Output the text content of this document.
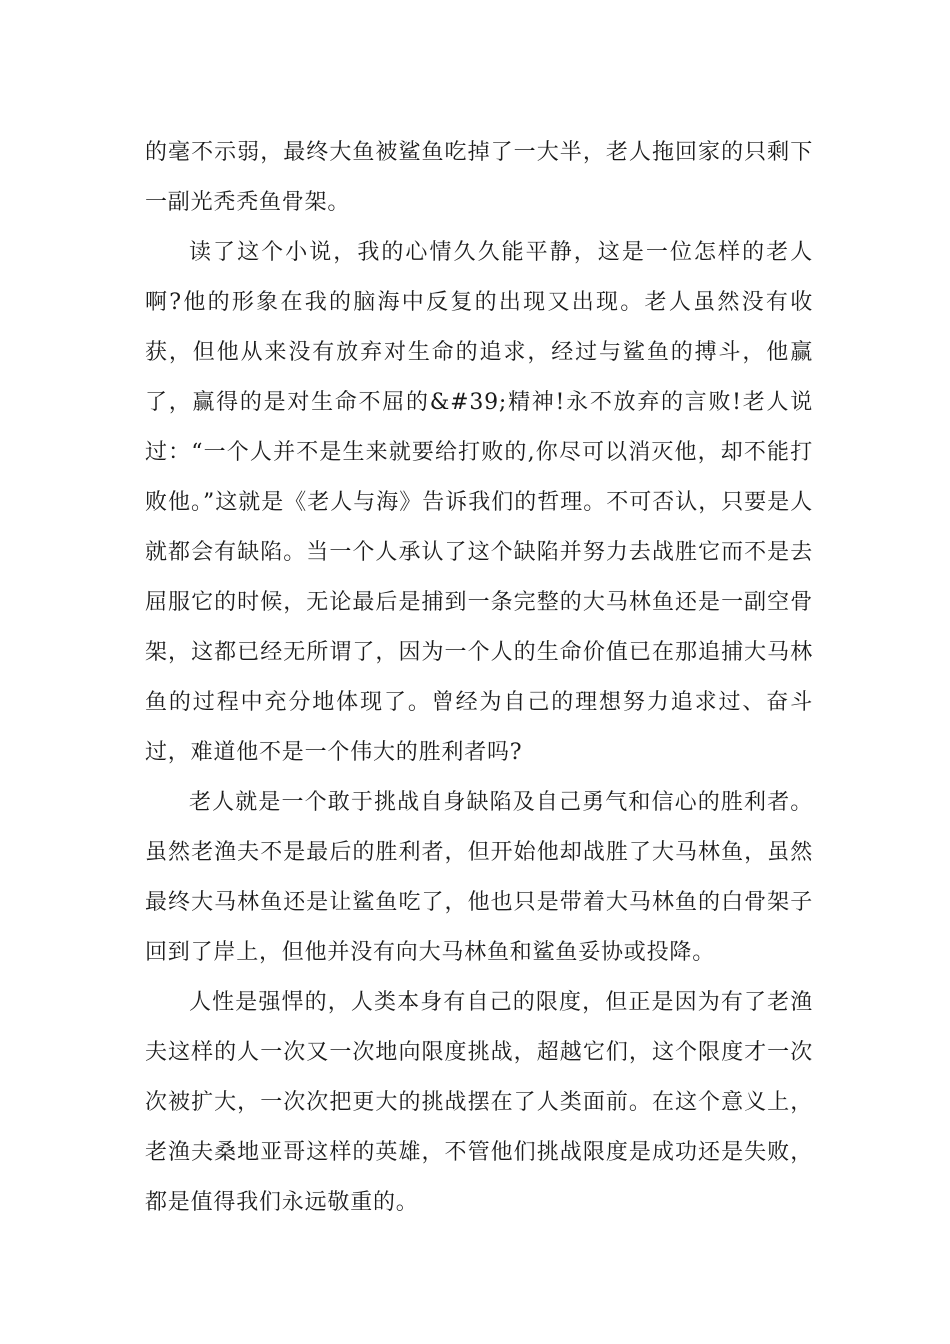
的毫不示弱，最终大鱼被鲨鱼吃掉了一大半，老人拖回家的只剩下一副光秃秃鱼骨架。

读了这个小说，我的心情久久能平静，这是一位怎样的老人啊?他的形象在我的脑海中反复的出现又出现。老人虽然没有收获，但他从来没有放弃对生命的追求，经过与鲨鱼的搏斗，他赢了，赢得的是对生命不屈的&#39;精神!永不放弃的言败!老人说过：“一个人并不是生来就要给打败的,你尽可以消灭他，却不能打败他。”这就是《老人与海》告诉我们的哲理。不可否认，只要是人就都会有缺陷。当一个人承认了这个缺陷并努力去战胜它而不是去屈服它的时候，无论最后是捕到一条完整的大马林鱼还是一副空骨架，这都已经无所谓了，因为一个人的生命价值已在那追捕大马林鱼的过程中充分地体现了。曾经为自己的理想努力追求过、奋斗过，难道他不是一个伟大的胜利者吗?

老人就是一个敢于挑战自身缺陷及自己勇气和信心的胜利者。虽然老渔夫不是最后的胜利者，但开始他却战胜了大马林鱼，虽然最终大马林鱼还是让鲨鱼吃了，他也只是带着大马林鱼的白骨架子回到了岸上，但他并没有向大马林鱼和鲨鱼妥协或投降。

人性是强悍的，人类本身有自己的限度，但正是因为有了老渔夫这样的人一次又一次地向限度挑战，超越它们，这个限度才一次次被扩大，一次次把更大的挑战摆在了人类面前。在这个意义上，老渔夫桑地亚哥这样的英雄，不管他们挑战限度是成功还是失败，都是值得我们永远敬重的。
